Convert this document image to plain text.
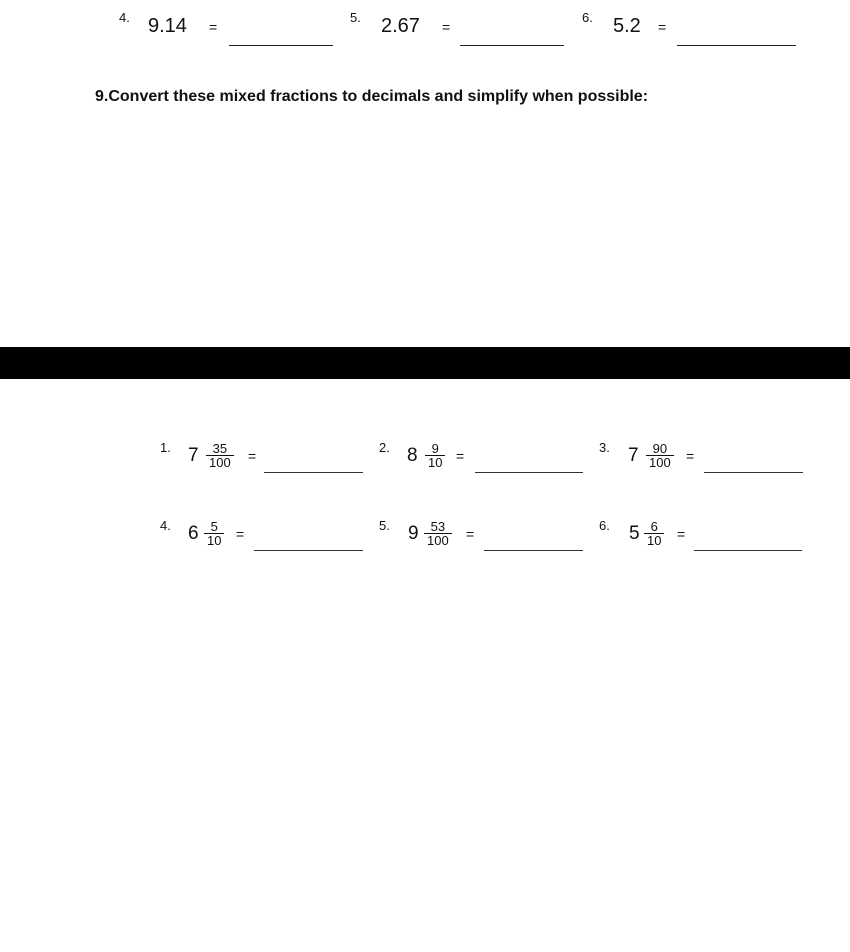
4. 9.14 =
5. 2.67 =
6. 5.2 =
9.Convert these mixed fractions to decimals and simplify when possible:
1. $7 \frac{35}{100}$ =
2. $8 \frac{9}{10}$ =
3. $7 \frac{90}{100}$ =
4. $6 \frac{5}{10}$ =
5. $9 \frac{53}{100}$ =
6. $5 \frac{6}{10}$ =
